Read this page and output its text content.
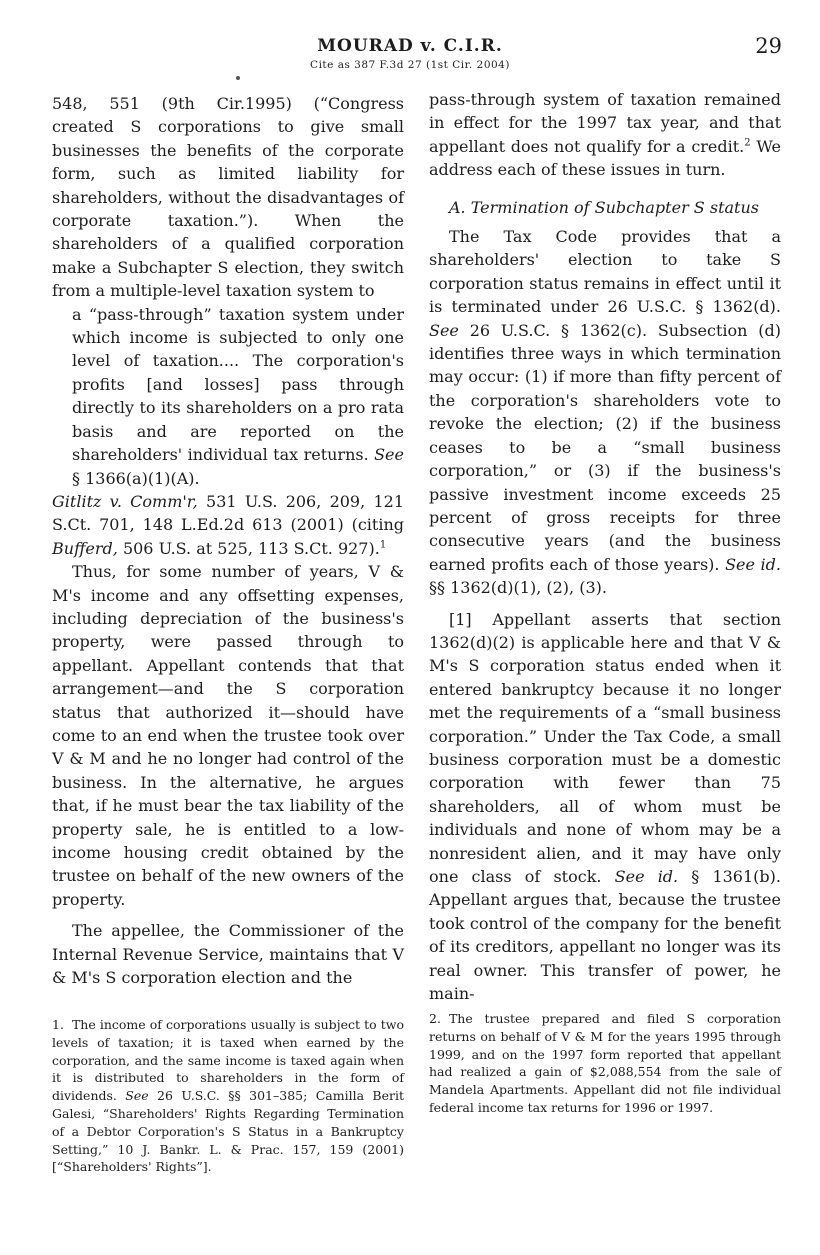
MOURAD v. C.I.R.
Cite as 387 F.3d 27 (1st Cir. 2004)
29

548, 551 (9th Cir.1995) (“Congress created S corporations to give small businesses the benefits of the corporate form, such as limited liability for shareholders, without the disadvantages of corporate taxation.”). When the shareholders of a qualified corporation make a Subchapter S election, they switch from a multiple-level taxation system to

a “pass-through” taxation system under which income is subjected to only one level of taxation.... The corporation's profits [and losses] pass through directly to its shareholders on a pro rata basis and are reported on the shareholders' individual tax returns. See § 1366(a)(1)(A).

Gitlitz v. Comm'r, 531 U.S. 206, 209, 121 S.Ct. 701, 148 L.Ed.2d 613 (2001) (citing Bufferd, 506 U.S. at 525, 113 S.Ct. 927).$^1$

Thus, for some number of years, V & M's income and any offsetting expenses, including depreciation of the business's property, were passed through to appellant. Appellant contends that that arrangement—and the S corporation status that authorized it—should have come to an end when the trustee took over V & M and he no longer had control of the business. In the alternative, he argues that, if he must bear the tax liability of the property sale, he is entitled to a low-income housing credit obtained by the trustee on behalf of the new owners of the property.

The appellee, the Commissioner of the Internal Revenue Service, maintains that V & M's S corporation election and the

pass-through system of taxation remained in effect for the 1997 tax year, and that appellant does not qualify for a credit.$^2$ We address each of these issues in turn.

A. Termination of Subchapter S status

The Tax Code provides that a shareholders' election to take S corporation status remains in effect until it is terminated under 26 U.S.C. § 1362(d). See 26 U.S.C. § 1362(c). Subsection (d) identifies three ways in which termination may occur: (1) if more than fifty percent of the corporation's shareholders vote to revoke the election; (2) if the business ceases to be a “small business corporation,” or (3) if the business's passive investment income exceeds 25 percent of gross receipts for three consecutive years (and the business earned profits each of those years). See id. §§ 1362(d)(1), (2), (3).

[1] Appellant asserts that section 1362(d)(2) is applicable here and that V & M's S corporation status ended when it entered bankruptcy because it no longer met the requirements of a “small business corporation.” Under the Tax Code, a small business corporation must be a domestic corporation with fewer than 75 shareholders, all of whom must be individuals and none of whom may be a nonresident alien, and it may have only one class of stock. See id. § 1361(b). Appellant argues that, because the trustee took control of the company for the benefit of its creditors, appellant no longer was its real owner. This transfer of power, he main-

1. The income of corporations usually is subject to two levels of taxation; it is taxed when earned by the corporation, and the same income is taxed again when it is distributed to shareholders in the form of dividends. See 26 U.S.C. §§ 301–385; Camilla Berit Galesi, “Shareholders' Rights Regarding Termination of a Debtor Corporation's S Status in a Bankruptcy Setting,” 10 J. Bankr. L. & Prac. 157, 159 (2001) [“Shareholders' Rights”].
2. The trustee prepared and filed S corporation returns on behalf of V & M for the years 1995 through 1999, and on the 1997 form reported that appellant had realized a gain of $2,088,554 from the sale of Mandela Apartments. Appellant did not file individual federal income tax returns for 1996 or 1997.
